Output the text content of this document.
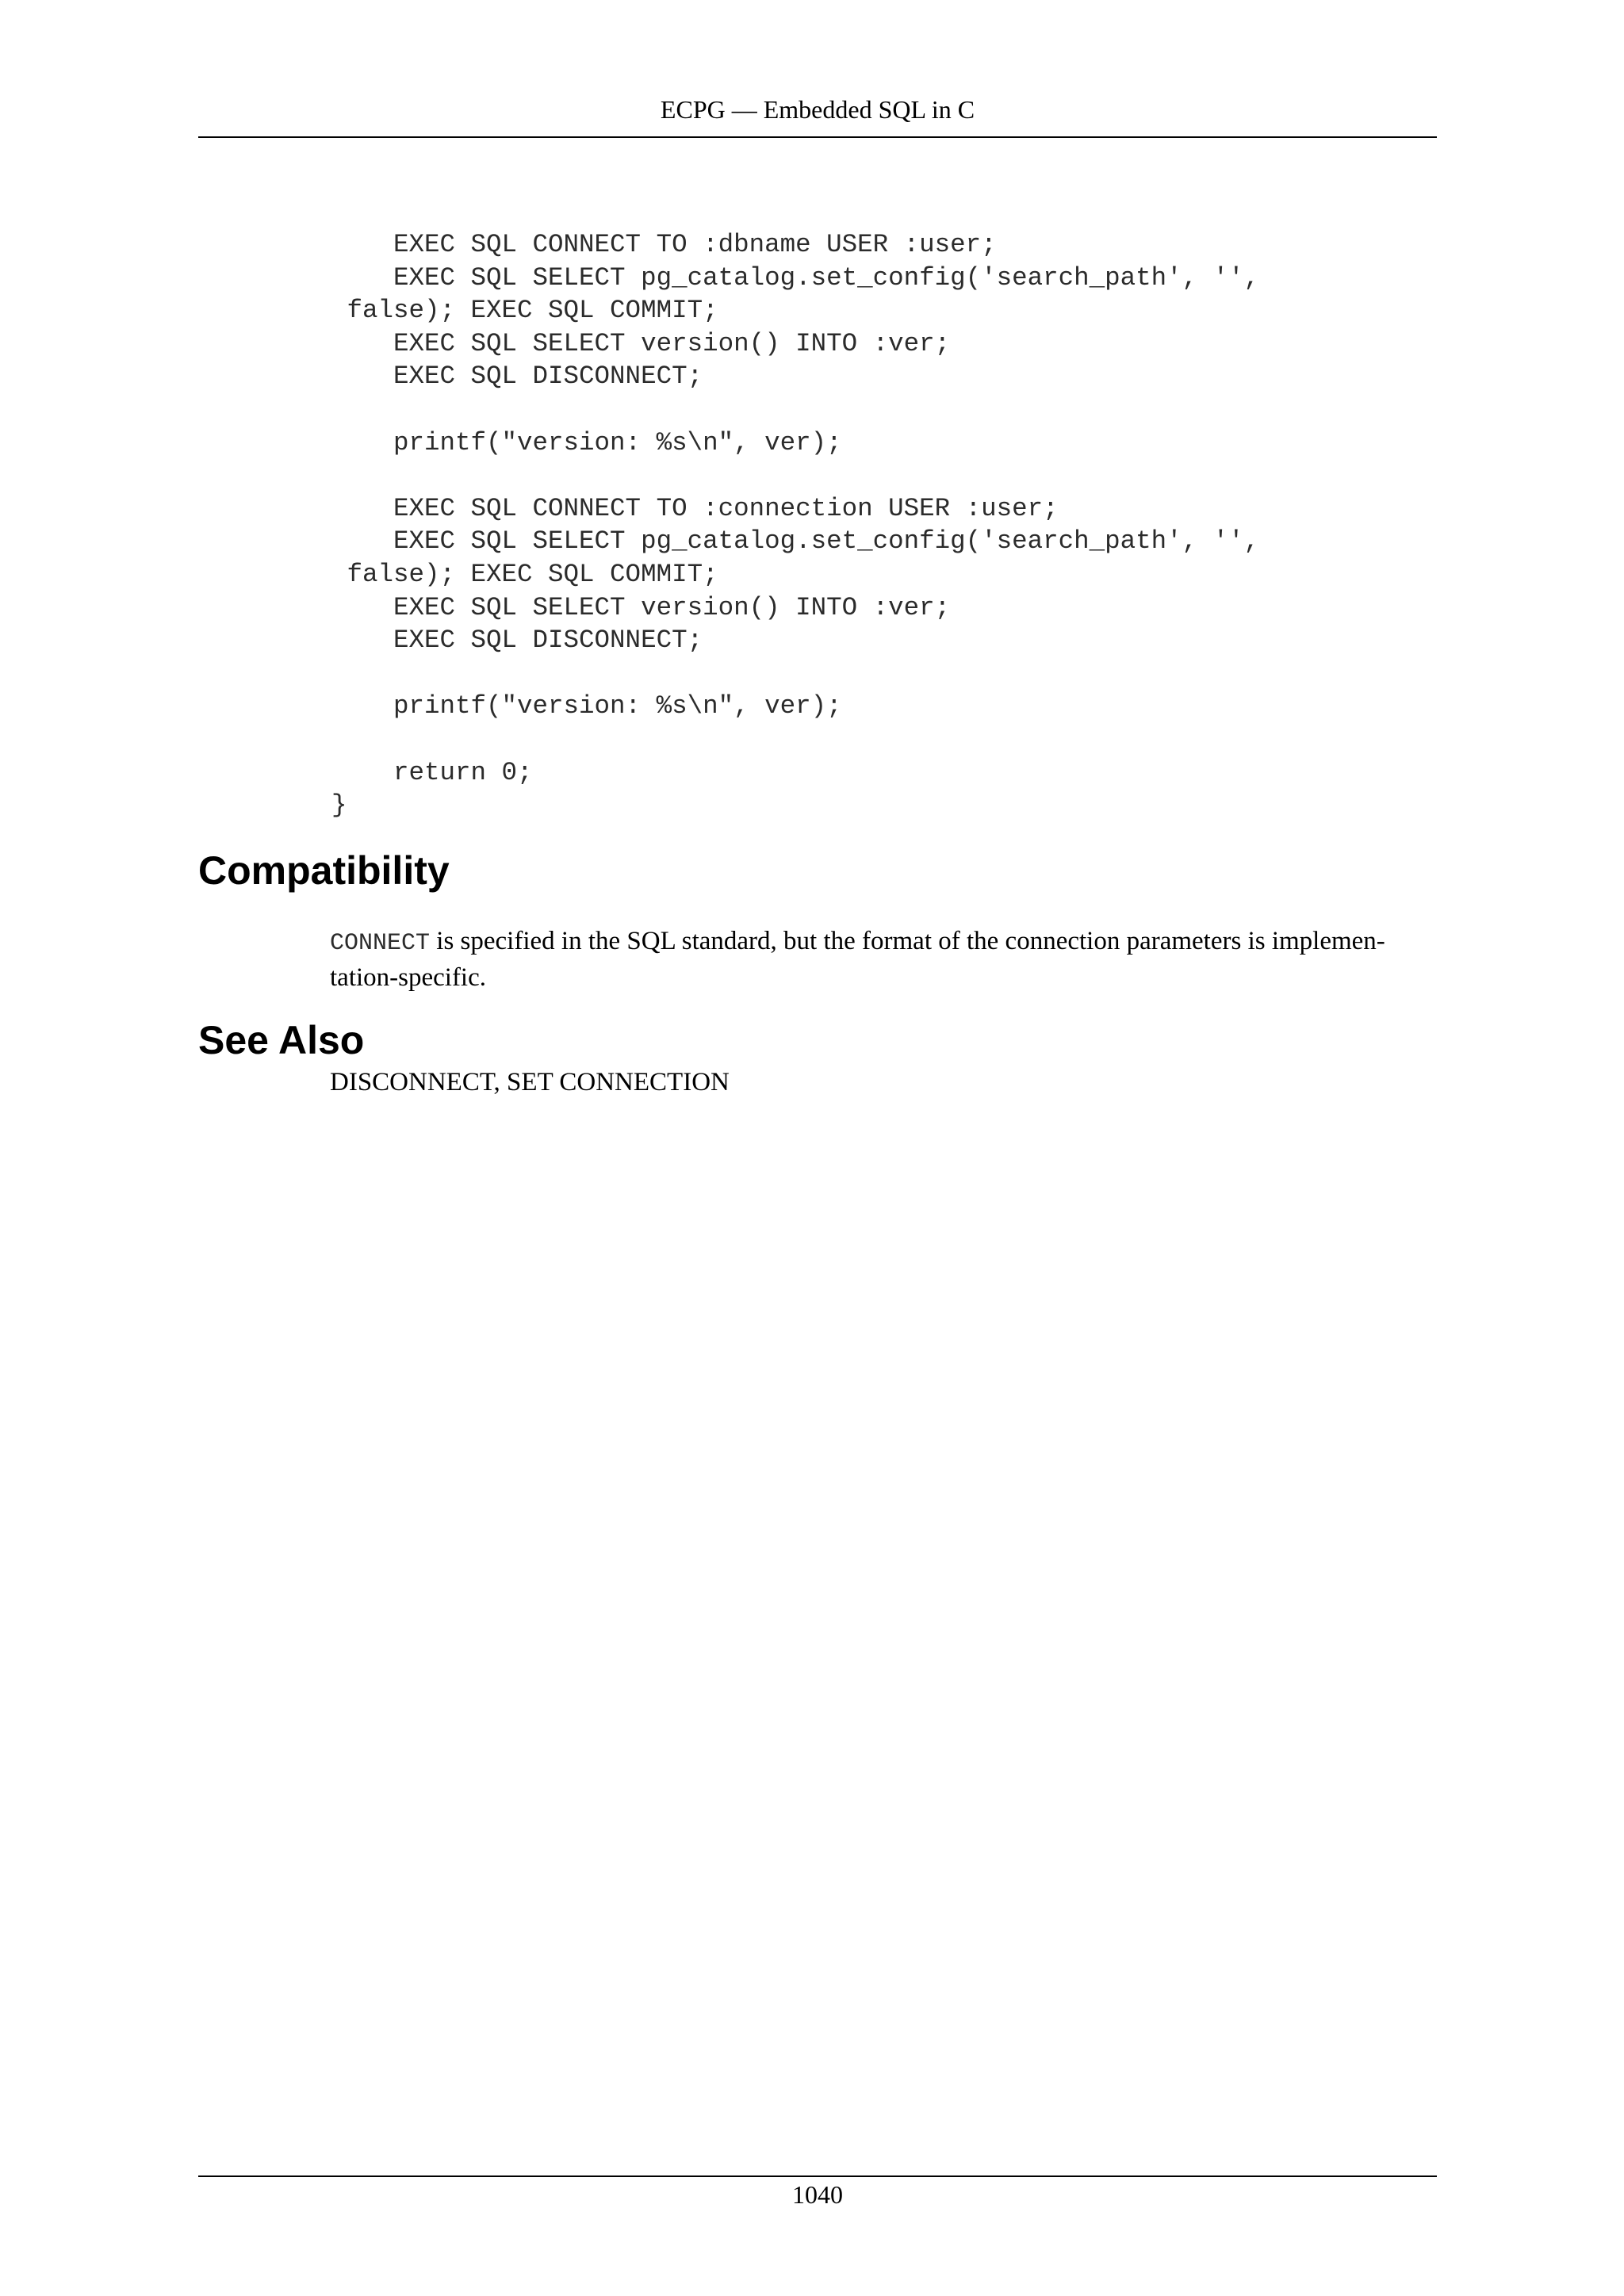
ECPG — Embedded SQL in C
EXEC SQL CONNECT TO :dbname USER :user;
EXEC SQL SELECT pg_catalog.set_config('search_path', '',
false); EXEC SQL COMMIT;
EXEC SQL SELECT version() INTO :ver;
EXEC SQL DISCONNECT;

printf("version: %s\n", ver);

EXEC SQL CONNECT TO :connection USER :user;
EXEC SQL SELECT pg_catalog.set_config('search_path', '',
false); EXEC SQL COMMIT;
EXEC SQL SELECT version() INTO :ver;
EXEC SQL DISCONNECT;

printf("version: %s\n", ver);

return 0;
}
Compatibility

CONNECT is specified in the SQL standard, but the format of the connection parameters is implemen-tation-specific.

See Also

DISCONNECT, SET CONNECTION

1040
